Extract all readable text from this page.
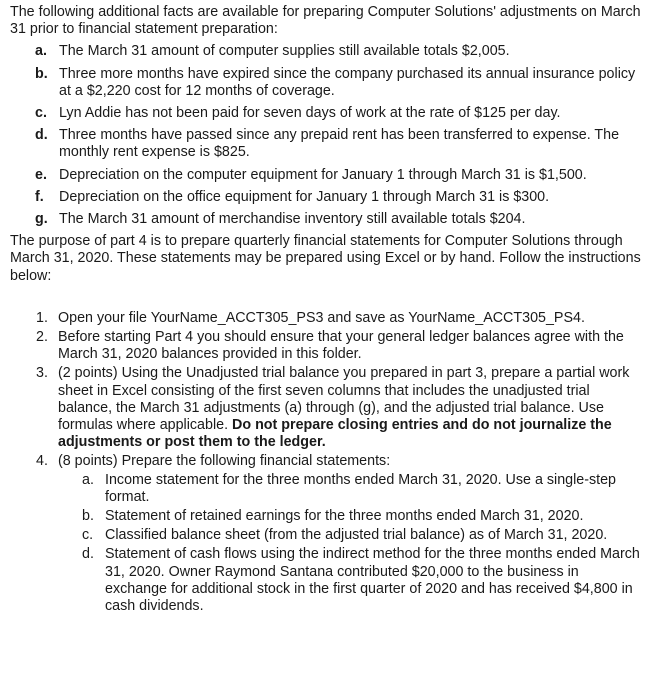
The following additional facts are available for preparing Computer Solutions' adjustments on March 31 prior to financial statement preparation:

a. The March 31 amount of computer supplies still available totals $2,005.
b. Three more months have expired since the company purchased its annual insurance policy at a $2,220 cost for 12 months of coverage.
c. Lyn Addie has not been paid for seven days of work at the rate of $125 per day.
d. Three months have passed since any prepaid rent has been transferred to expense. The monthly rent expense is $825.
e. Depreciation on the computer equipment for January 1 through March 31 is $1,500.
f. Depreciation on the office equipment for January 1 through March 31 is $300.
g. The March 31 amount of merchandise inventory still available totals $204.

The purpose of part 4 is to prepare quarterly financial statements for Computer Solutions through March 31, 2020. These statements may be prepared using Excel or by hand. Follow the instructions below:

1. Open your file YourName_ACCT305_PS3 and save as YourName_ACCT305_PS4.
2. Before starting Part 4 you should ensure that your general ledger balances agree with the March 31, 2020 balances provided in this folder.
3. (2 points) Using the Unadjusted trial balance you prepared in part 3, prepare a partial work sheet in Excel consisting of the first seven columns that includes the unadjusted trial balance, the March 31 adjustments (a) through (g), and the adjusted trial balance. Use formulas where applicable. Do not prepare closing entries and do not journalize the adjustments or post them to the ledger.
4. (8 points) Prepare the following financial statements:
a. Income statement for the three months ended March 31, 2020. Use a single-step format.
b. Statement of retained earnings for the three months ended March 31, 2020.
c. Classified balance sheet (from the adjusted trial balance) as of March 31, 2020.
d. Statement of cash flows using the indirect method for the three months ended March 31, 2020. Owner Raymond Santana contributed $20,000 to the business in exchange for additional stock in the first quarter of 2020 and has received $4,800 in cash dividends.
